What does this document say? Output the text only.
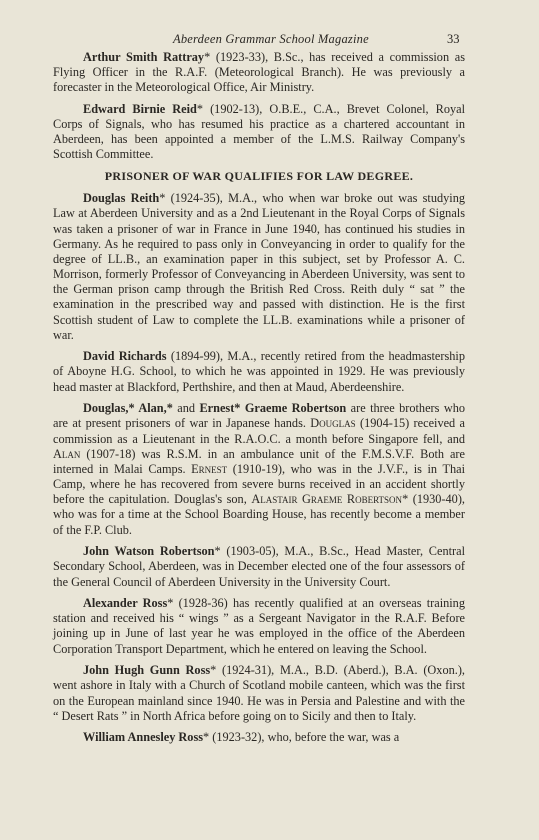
Aberdeen Grammar School Magazine	33

Arthur Smith Rattray* (1923-33), B.Sc., has received a commission as Flying Officer in the R.A.F. (Meteorological Branch). He was previously a forecaster in the Meteorological Office, Air Ministry.

Edward Birnie Reid* (1902-13), O.B.E., C.A., Brevet Colonel, Royal Corps of Signals, who has resumed his practice as a chartered accountant in Aberdeen, has been appointed a member of the L.M.S. Railway Company's Scottish Committee.

PRISONER OF WAR QUALIFIES FOR LAW DEGREE.

Douglas Reith* (1924-35), M.A., who when war broke out was studying Law at Aberdeen University and as a 2nd Lieutenant in the Royal Corps of Signals was taken a prisoner of war in France in June 1940, has continued his studies in Germany. As he required to pass only in Conveyancing in order to qualify for the degree of LL.B., an examination paper in this subject, set by Professor A. C. Morrison, formerly Professor of Conveyancing in Aberdeen University, was sent to the German prison camp through the British Red Cross. Reith duly “ sat ” the examination in the prescribed way and passed with distinction. He is the first Scottish student of Law to complete the LL.B. examinations while a prisoner of war.

David Richards (1894-99), M.A., recently retired from the headmastership of Aboyne H.G. School, to which he was appointed in 1929. He was previously head master at Blackford, Perthshire, and then at Maud, Aberdeenshire.

Douglas,* Alan,* and Ernest* Graeme Robertson are three brothers who are at present prisoners of war in Japanese hands. Douglas (1904-15) received a commission as a Lieutenant in the R.A.O.C. a month before Singapore fell, and Alan (1907-18) was R.S.M. in an ambulance unit of the F.M.S.V.F. Both are interned in Malai Camps. Ernest (1910-19), who was in the J.V.F., is in Thai Camp, where he has recovered from severe burns received in an accident shortly before the capitulation. Douglas's son, Alastair Graeme Robertson* (1930-40), who was for a time at the School Boarding House, has recently become a member of the F.P. Club.

John Watson Robertson* (1903-05), M.A., B.Sc., Head Master, Central Secondary School, Aberdeen, was in December elected one of the four assessors of the General Council of Aberdeen University in the University Court.

Alexander Ross* (1928-36) has recently qualified at an overseas training station and received his “ wings ” as a Sergeant Navigator in the R.A.F. Before joining up in June of last year he was employed in the office of the Aberdeen Corporation Transport Department, which he entered on leaving the School.

John Hugh Gunn Ross* (1924-31), M.A., B.D. (Aberd.), B.A. (Oxon.), went ashore in Italy with a Church of Scotland mobile canteen, which was the first on the European mainland since 1940. He was in Persia and Palestine and with the “ Desert Rats ” in North Africa before going on to Sicily and then to Italy.

William Annesley Ross* (1923-32), who, before the war, was a
